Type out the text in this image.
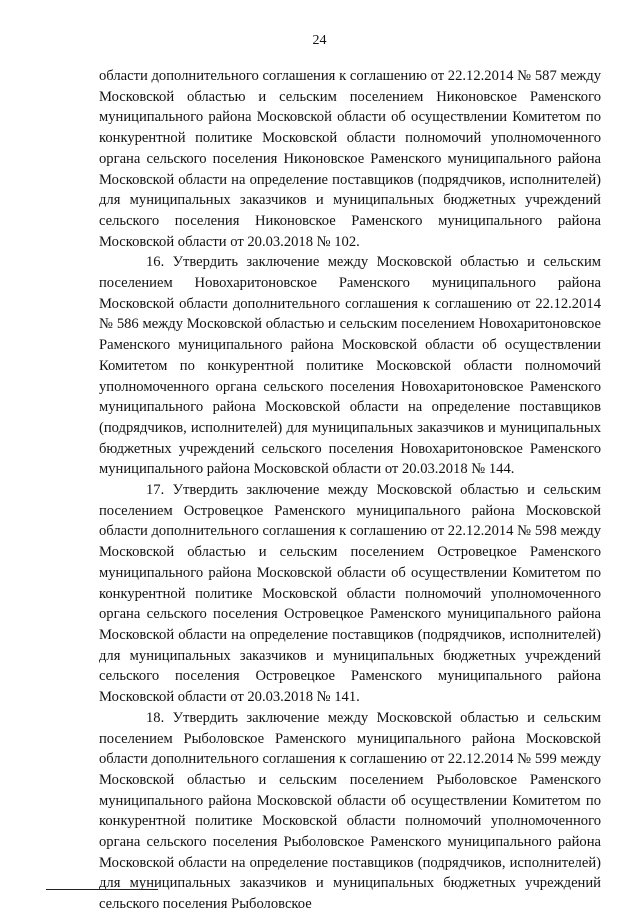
24

области дополнительного соглашения к соглашению от 22.12.2014 № 587 между Московской областью и сельским поселением Никоновское Раменского муниципального района Московской области об осуществлении Комитетом по конкурентной политике Московской области полномочий уполномоченного органа сельского поселения Никоновское Раменского муниципального района Московской области на определение поставщиков (подрядчиков, исполнителей) для муниципальных заказчиков и муниципальных бюджетных учреждений сельского поселения Никоновское Раменского муниципального района Московской области от 20.03.2018 № 102.

16. Утвердить заключение между Московской областью и сельским поселением Новохаритоновское Раменского муниципального района Московской области дополнительного соглашения к соглашению от 22.12.2014 № 586 между Московской областью и сельским поселением Новохаритоновское Раменского муниципального района Московской области об осуществлении Комитетом по конкурентной политике Московской области полномочий уполномоченного органа сельского поселения Новохаритоновское Раменского муниципального района Московской области на определение поставщиков (подрядчиков, исполнителей) для муниципальных заказчиков и муниципальных бюджетных учреждений сельского поселения Новохаритоновское Раменского муниципального района Московской области от 20.03.2018 № 144.

17. Утвердить заключение между Московской областью и сельским поселением Островецкое Раменского муниципального района Московской области дополнительного соглашения к соглашению от 22.12.2014 № 598 между Московской областью и сельским поселением Островецкое Раменского муниципального района Московской области об осуществлении Комитетом по конкурентной политике Московской области полномочий уполномоченного органа сельского поселения Островецкое Раменского муниципального района Московской области на определение поставщиков (подрядчиков, исполнителей) для муниципальных заказчиков и муниципальных бюджетных учреждений сельского поселения Островецкое Раменского муниципального района Московской области от 20.03.2018 № 141.

18. Утвердить заключение между Московской областью и сельским поселением Рыболовское Раменского муниципального района Московской области дополнительного соглашения к соглашению от 22.12.2014 № 599 между Московской областью и сельским поселением Рыболовское Раменского муниципального района Московской области об осуществлении Комитетом по конкурентной политике Московской области полномочий уполномоченного органа сельского поселения Рыболовское Раменского муниципального района Московской области на определение поставщиков (подрядчиков, исполнителей) для муниципальных заказчиков и муниципальных бюджетных учреждений сельского поселения Рыболовское
